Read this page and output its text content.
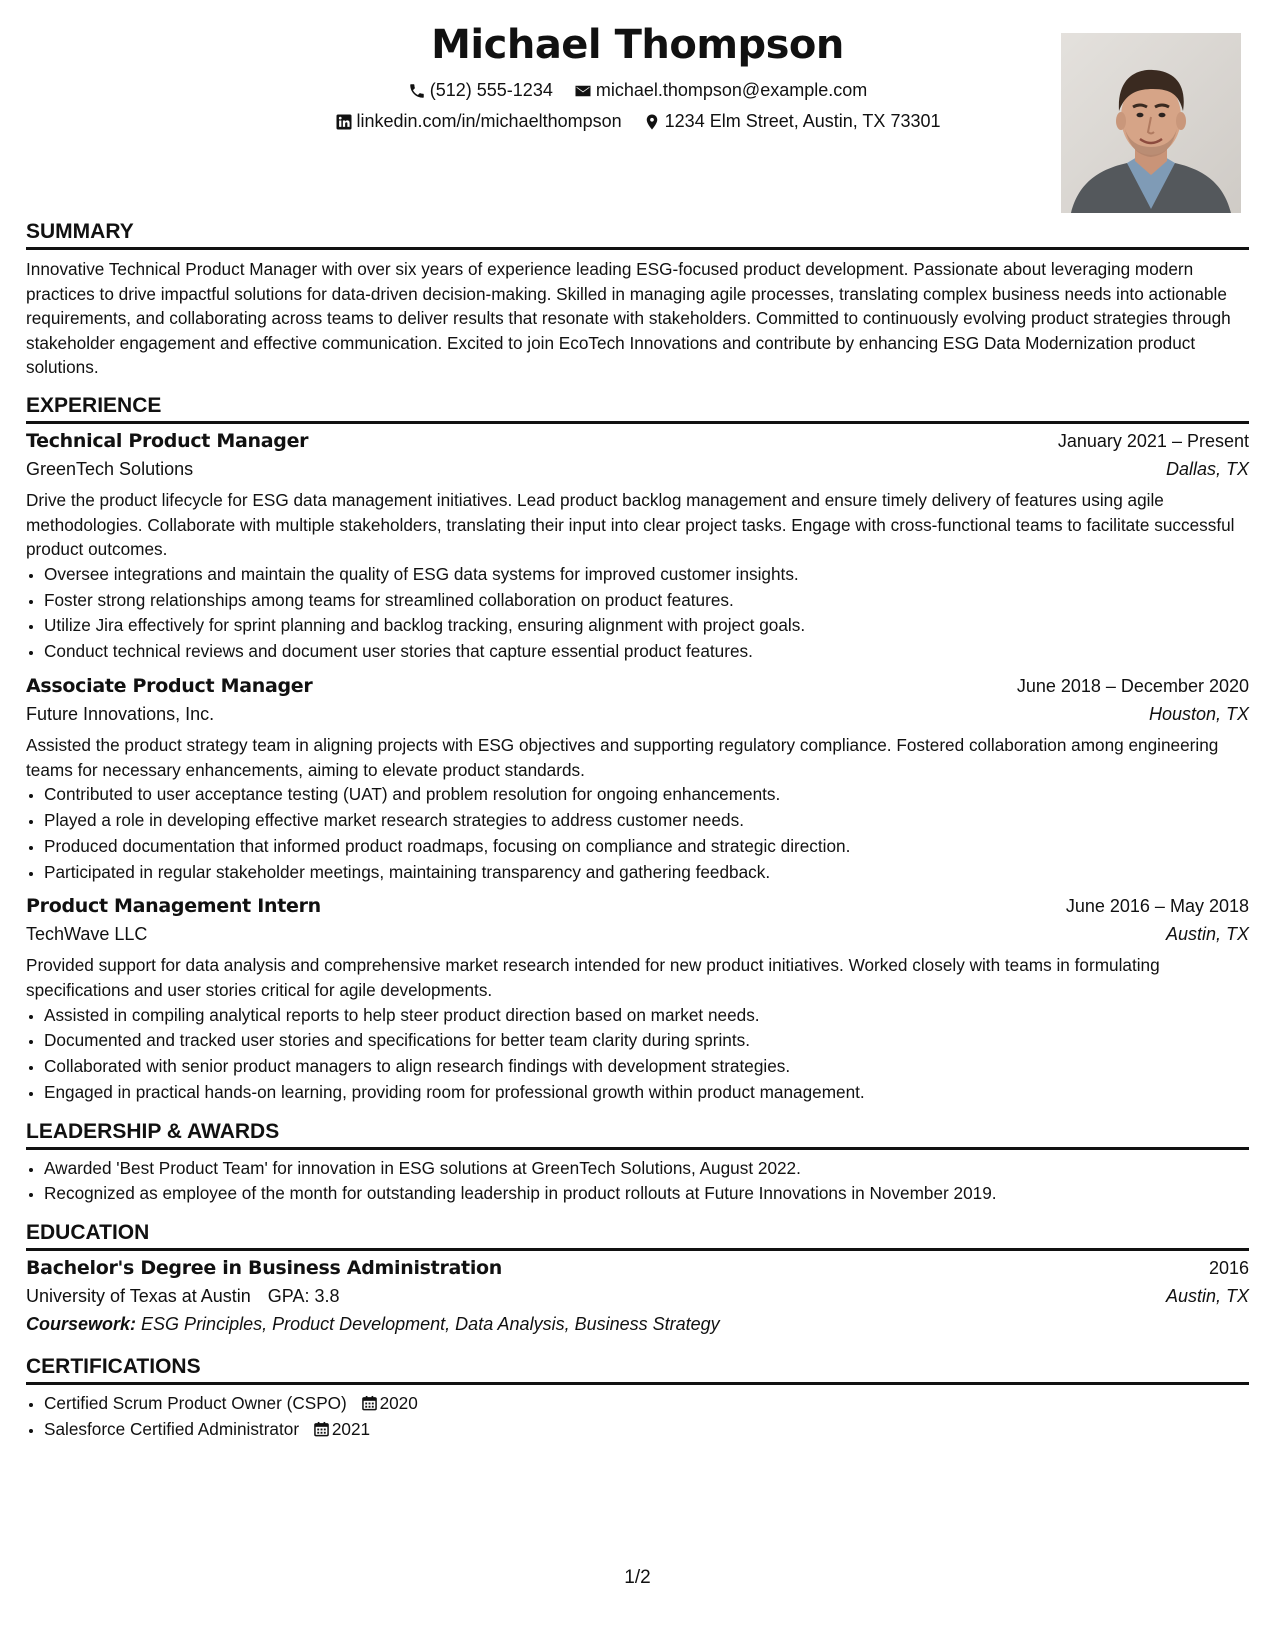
Michael Thompson
(512) 555-1234
michael.thompson@example.com
linkedin.com/in/michaelthompson
1234 Elm Street, Austin, TX 73301
SUMMARY

Innovative Technical Product Manager with over six years of experience leading ESG-focused product development. Passionate about leveraging modern practices to drive impactful solutions for data-driven decision-making. Skilled in managing agile processes, translating complex business needs into actionable requirements, and collaborating across teams to deliver results that resonate with stakeholders. Committed to continuously evolving product strategies through stakeholder engagement and effective communication. Excited to join EcoTech Innovations and contribute by enhancing ESG Data Modernization product solutions.

EXPERIENCE
Technical Product Manager	January 2021 – Present
GreenTech Solutions	Dallas, TX

Drive the product lifecycle for ESG data management initiatives. Lead product backlog management and ensure timely delivery of features using agile methodologies. Collaborate with multiple stakeholders, translating their input into clear project tasks. Engage with cross-functional teams to facilitate successful product outcomes.

• Oversee integrations and maintain the quality of ESG data systems for improved customer insights.
• Foster strong relationships among teams for streamlined collaboration on product features.
• Utilize Jira effectively for sprint planning and backlog tracking, ensuring alignment with project goals.
• Conduct technical reviews and document user stories that capture essential product features.
Associate Product Manager	June 2018 – December 2020
Future Innovations, Inc.	Houston, TX

Assisted the product strategy team in aligning projects with ESG objectives and supporting regulatory compliance. Fostered collaboration among engineering teams for necessary enhancements, aiming to elevate product standards.

• Contributed to user acceptance testing (UAT) and problem resolution for ongoing enhancements.
• Played a role in developing effective market research strategies to address customer needs.
• Produced documentation that informed product roadmaps, focusing on compliance and strategic direction.
• Participated in regular stakeholder meetings, maintaining transparency and gathering feedback.
Product Management Intern	June 2016 – May 2018
TechWave LLC	Austin, TX

Provided support for data analysis and comprehensive market research intended for new product initiatives. Worked closely with teams in formulating specifications and user stories critical for agile developments.

• Assisted in compiling analytical reports to help steer product direction based on market needs.
• Documented and tracked user stories and specifications for better team clarity during sprints.
• Collaborated with senior product managers to align research findings with development strategies.
• Engaged in practical hands-on learning, providing room for professional growth within product management.
LEADERSHIP & AWARDS
• Awarded 'Best Product Team' for innovation in ESG solutions at GreenTech Solutions, August 2022.
• Recognized as employee of the month for outstanding leadership in product rollouts at Future Innovations in November 2019.
EDUCATION
Bachelor's Degree in Business Administration	2016
University of Texas at Austin GPA: 3.8	Austin, TX
Coursework: ESG Principles, Product Development, Data Analysis, Business Strategy
CERTIFICATIONS
• Certified Scrum Product Owner (CSPO) 2020
• Salesforce Certified Administrator 2021
1/2
